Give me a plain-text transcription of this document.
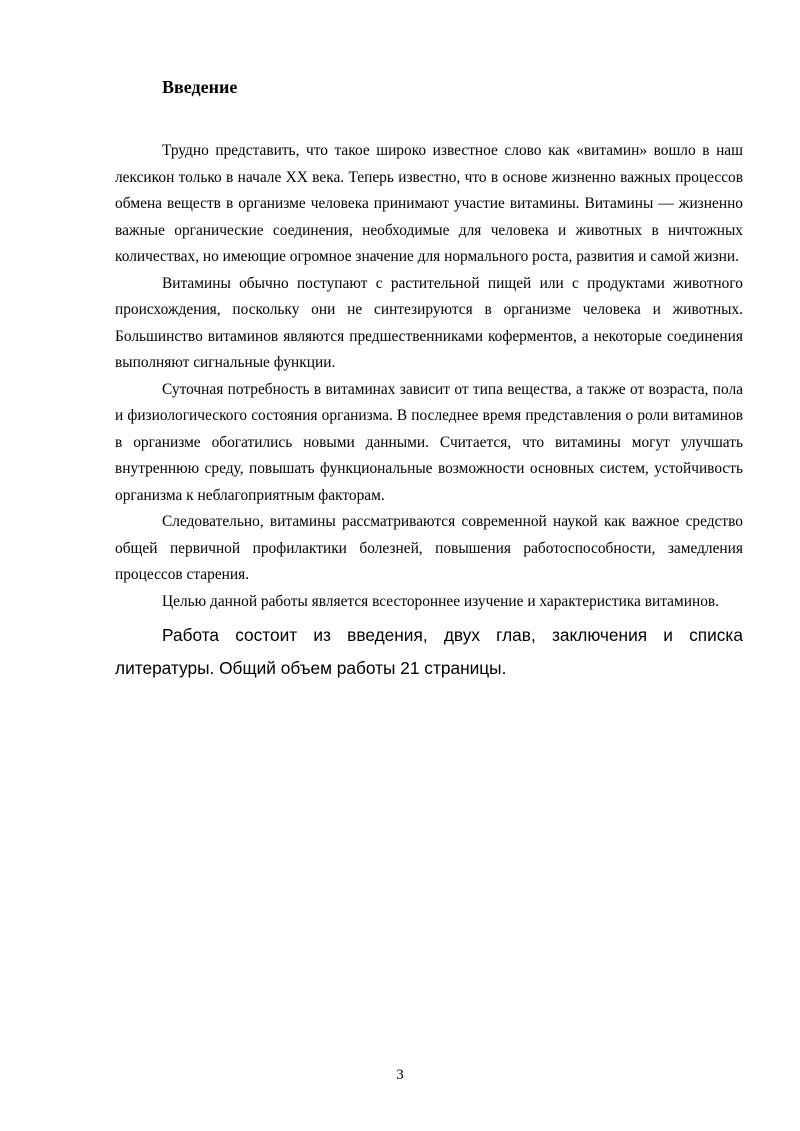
Введение

Трудно представить, что такое широко известное слово как «витамин» вошло в наш лексикон только в начале XX века. Теперь известно, что в основе жизненно важных процессов обмена веществ в организме человека принимают участие витамины. Витамины — жизненно важные органические соединения, необходимые для человека и животных в ничтожных количествах, но имеющие огромное значение для нормального роста, развития и самой жизни.

Витамины обычно поступают с растительной пищей или с продуктами животного происхождения, поскольку они не синтезируются в организме человека и животных. Большинство витаминов являются предшественниками коферментов, а некоторые соединения выполняют сигнальные функции.

Суточная потребность в витаминах зависит от типа вещества, а также от возраста, пола и физиологического состояния организма. В последнее время представления о роли витаминов в организме обогатились новыми данными. Считается, что витамины могут улучшать внутреннюю среду, повышать функциональные возможности основных систем, устойчивость организма к неблагоприятным факторам.

Следовательно, витамины рассматриваются современной наукой как важное средство общей первичной профилактики болезней, повышения работоспособности, замедления процессов старения.

Целью данной работы является всестороннее изучение и характеристика витаминов.

Работа состоит из введения, двух глав, заключения и списка литературы. Общий объем работы 21 страницы.

3
